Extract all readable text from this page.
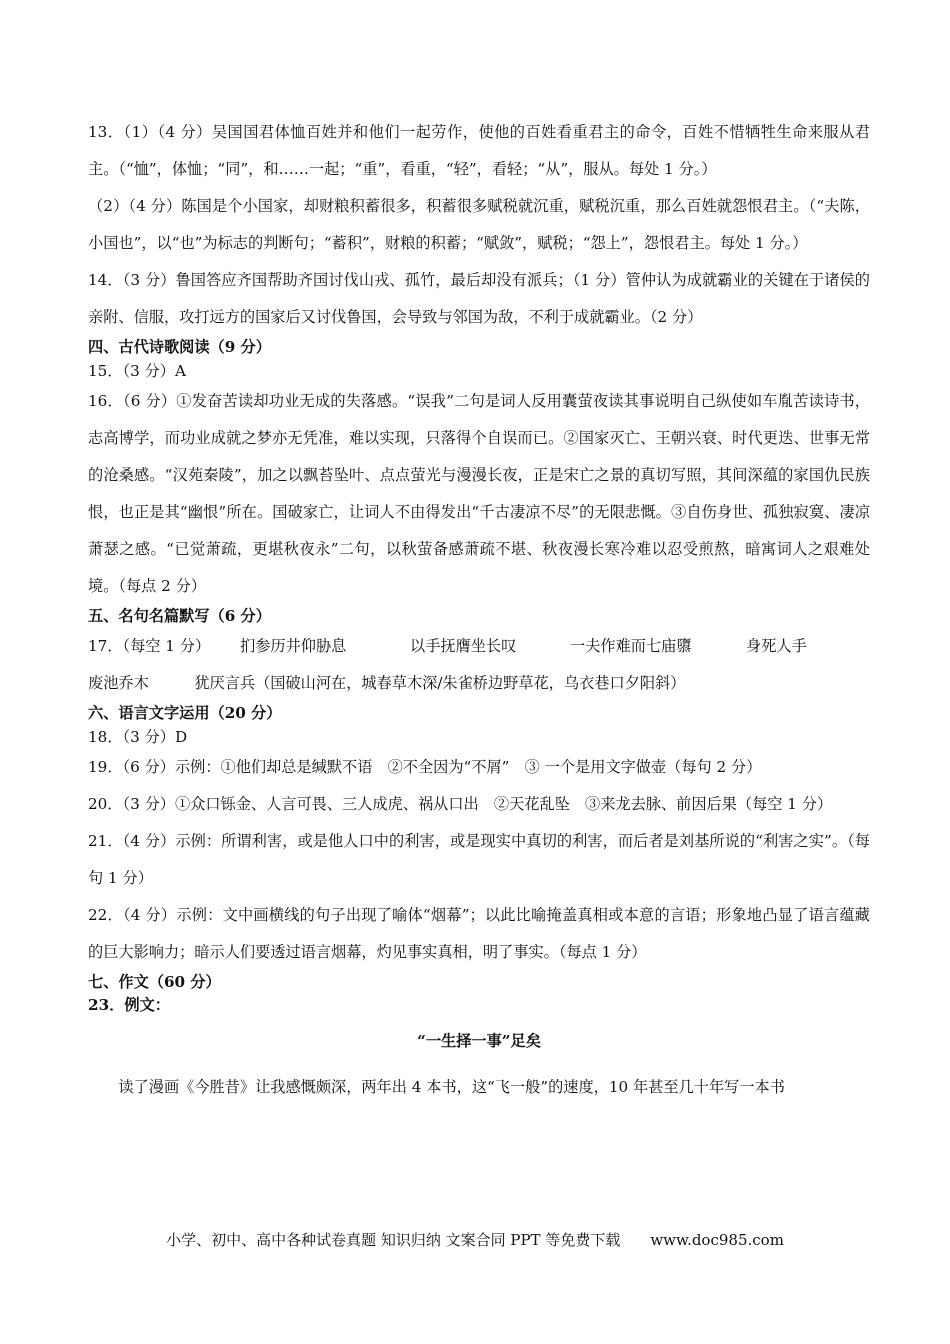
13．（1）（4 分）吴国国君体恤百姓并和他们一起劳作，使他的百姓看重君主的命令，百姓不惜牺牲生命来服从君主。（“恤”，体恤；“同”，和……一起；“重”，看重，“轻”，看轻；“从”，服从。每处 1 分。）

（2）（4 分）陈国是个小国家，却财粮积蓄很多，积蓄很多赋税就沉重，赋税沉重，那么百姓就怨恨君主。（“夫陈，小国也”，以“也”为标志的判断句；“蓄积”，财粮的积蓄；“赋敛”，赋税；“怨上”，怨恨君主。每处 1 分。）

14．（3 分）鲁国答应齐国帮助齐国讨伐山戎、孤竹，最后却没有派兵；（1 分）管仲认为成就霸业的关键在于诸侯的亲附、信服，攻打远方的国家后又讨伐鲁国，会导致与邻国为敌，不利于成就霸业。（2 分）

四、古代诗歌阅读（9 分）

15．（3 分）A

16．（6 分）①发奋苦读却功业无成的失落感。“误我”二句是词人反用囊萤夜读其事说明自己纵使如车胤苦读诗书，志高博学，而功业成就之梦亦无凭准，难以实现，只落得个自误而已。②国家灭亡、王朝兴衰、时代更迭、世事无常的沧桑感。“汉苑秦陵”，加之以飘苔坠叶、点点萤光与漫漫长夜，正是宋亡之景的真切写照，其间深蕴的家国仇民族恨，也正是其“幽恨”所在。国破家亡，让词人不由得发出“千古凄凉不尽”的无限悲慨。③自伤身世、孤独寂寞、凄凉萧瑟之感。“已觉萧疏，更堪秋夜永”二句，以秋萤备感萧疏不堪、秋夜漫长寒冷难以忍受煎熬，暗寓词人之艰难处境。（每点 2 分）

五、名句名篇默写（6 分）

17．（每空 1 分）	扪参历井仰胁息	以手抚膺坐长叹	一夫作难而七庙隳	身死人手

废池乔木　　　犹厌言兵（国破山河在，城春草木深/朱雀桥边野草花，乌衣巷口夕阳斜）

六、语言文字运用（20 分）

18．（3 分）D

19．（6 分）示例：①他们却总是缄默不语　②不全因为“不屑”　③ 一个是用文字做壶（每句 2 分）

20．（3 分）①众口铄金、人言可畏、三人成虎、祸从口出　②天花乱坠　③来龙去脉、前因后果（每空 1 分）

21．（4 分）示例：所谓利害，或是他人口中的利害，或是现实中真切的利害，而后者是刘基所说的“利害之实”。（每句 1 分）

22．（4 分）示例：文中画横线的句子出现了喻体“烟幕”；以此比喻掩盖真相或本意的言语；形象地凸显了语言蕴藏的巨大影响力；暗示人们要透过语言烟幕，灼见事实真相，明了事实。（每点 1 分）

七、作文（60 分）

23．例文：

“一生择一事”足矣

读了漫画《今胜昔》让我感慨颇深，两年出 4 本书，这“飞一般”的速度，10 年甚至几十年写一本书

小学、初中、高中各种试卷真题 知识归纳 文案合同 PPT 等免费下载　　www.doc985.com
